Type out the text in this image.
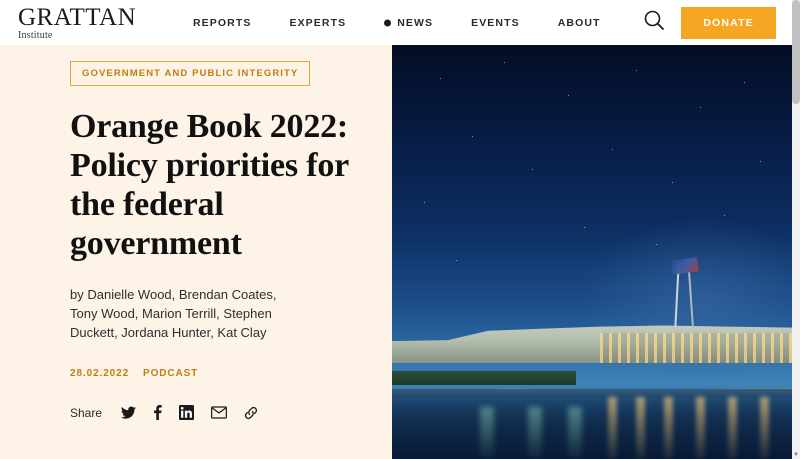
GRATTAN
Institute
REPORTS	EXPERTS	NEWS	EVENTS	ABOUT	DONATE
GOVERNMENT AND PUBLIC INTEGRITY
Orange Book 2022: Policy priorities for the federal government
by Danielle Wood, Brendan Coates, Tony Wood, Marion Terrill, Stephen Duckett, Jordana Hunter, Kat Clay
28.02.2022	PODCAST
Share
▼
